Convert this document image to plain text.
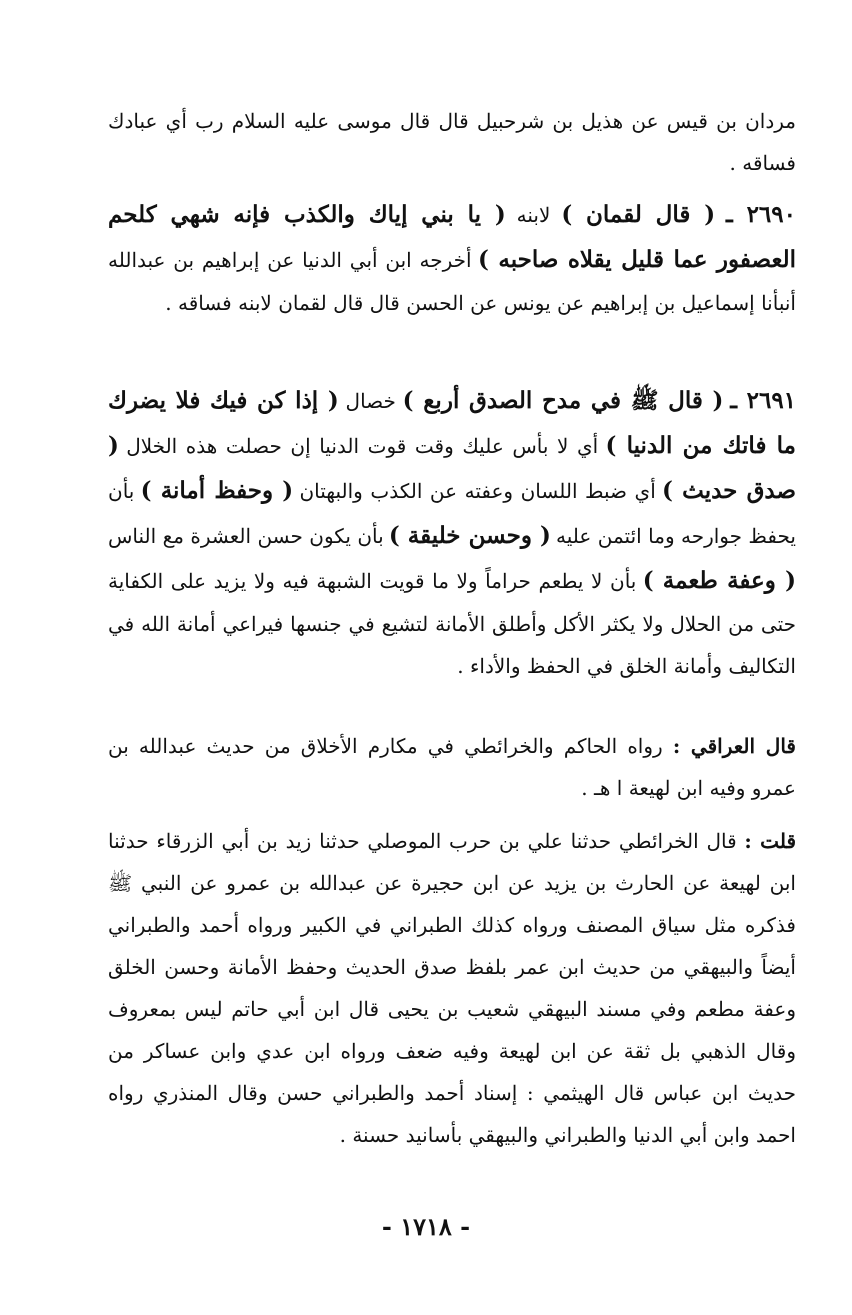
مردان بن قيس عن هذيل بن شرحبيل قال قال موسى عليه السلام رب أي عبادك فساقه .

٢٦٩٠ ـ ( قال لقمان ) لابنه ( يا بني إياك والكذب فإنه شهي كلحم العصفور عما قليل يقلاه صاحبه ) أخرجه ابن أبي الدنيا عن إبراهيم بن عبدالله أنبأنا إسماعيل بن إبراهيم عن يونس عن الحسن قال قال لقمان لابنه فساقه .

٢٦٩١ ـ ( قال ﷺ في مدح الصدق أربع ) خصال ( إذا كن فيك فلا يضرك ما فاتك من الدنيا ) أي لا بأس عليك وقت قوت الدنيا إن حصلت هذه الخلال ( صدق حديث ) أي ضبط اللسان وعفته عن الكذب والبهتان ( وحفظ أمانة ) بأن يحفظ جوارحه وما ائتمن عليه ( وحسن خليقة ) بأن يكون حسن العشرة مع الناس ( وعفة طعمة ) بأن لا يطعم حراماً ولا ما قويت الشبهة فيه ولا يزيد على الكفاية حتى من الحلال ولا يكثر الأكل وأطلق الأمانة لتشيع في جنسها فيراعي أمانة الله في التكاليف وأمانة الخلق في الحفظ والأداء .

قال العراقي : رواه الحاكم والخرائطي في مكارم الأخلاق من حديث عبدالله بن عمرو وفيه ابن لهيعة ا هـ .

قلت : قال الخرائطي حدثنا علي بن حرب الموصلي حدثنا زيد بن أبي الزرقاء حدثنا ابن لهيعة عن الحارث بن يزيد عن ابن حجيرة عن عبدالله بن عمرو عن النبي ﷺ فذكره مثل سياق المصنف ورواه كذلك الطبراني في الكبير ورواه أحمد والطبراني أيضاً والبيهقي من حديث ابن عمر بلفظ صدق الحديث وحفظ الأمانة وحسن الخلق وعفة مطعم وفي مسند البيهقي شعيب بن يحيى قال ابن أبي حاتم ليس بمعروف وقال الذهبي بل ثقة عن ابن لهيعة وفيه ضعف ورواه ابن عدي وابن عساكر من حديث ابن عباس قال الهيثمي : إسناد أحمد والطبراني حسن وقال المنذري رواه احمد وابن أبي الدنيا والطبراني والبيهقي بأسانيد حسنة .

- ١٧١٨ -
